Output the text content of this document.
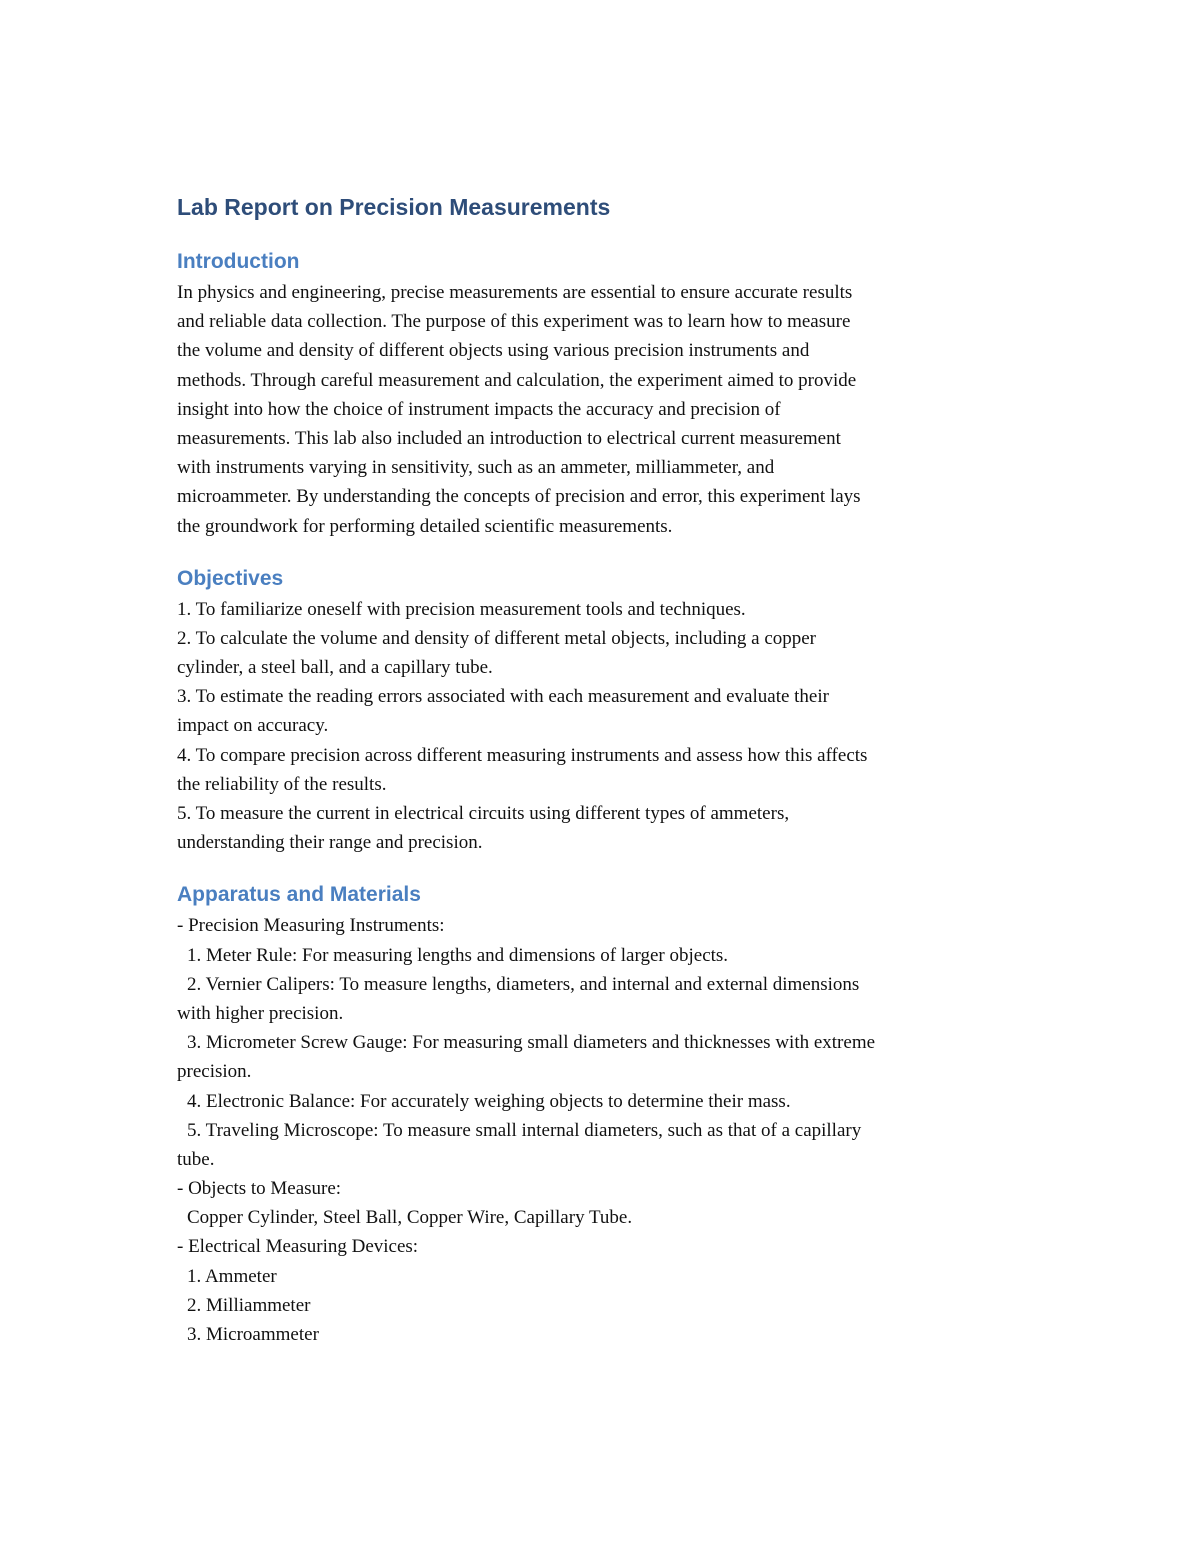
Lab Report on Precision Measurements
Introduction
In physics and engineering, precise measurements are essential to ensure accurate results
and reliable data collection. The purpose of this experiment was to learn how to measure
the volume and density of different objects using various precision instruments and
methods. Through careful measurement and calculation, the experiment aimed to provide
insight into how the choice of instrument impacts the accuracy and precision of
measurements. This lab also included an introduction to electrical current measurement
with instruments varying in sensitivity, such as an ammeter, milliammeter, and
microammeter. By understanding the concepts of precision and error, this experiment lays
the groundwork for performing detailed scientific measurements.
Objectives
1. To familiarize oneself with precision measurement tools and techniques.
2. To calculate the volume and density of different metal objects, including a copper
cylinder, a steel ball, and a capillary tube.
3. To estimate the reading errors associated with each measurement and evaluate their
impact on accuracy.
4. To compare precision across different measuring instruments and assess how this affects
the reliability of the results.
5. To measure the current in electrical circuits using different types of ammeters,
understanding their range and precision.
Apparatus and Materials
- Precision Measuring Instruments:
1. Meter Rule: For measuring lengths and dimensions of larger objects.
2. Vernier Calipers: To measure lengths, diameters, and internal and external dimensions
with higher precision.
3. Micrometer Screw Gauge: For measuring small diameters and thicknesses with extreme
precision.
4. Electronic Balance: For accurately weighing objects to determine their mass.
5. Traveling Microscope: To measure small internal diameters, such as that of a capillary
tube.
- Objects to Measure:
Copper Cylinder, Steel Ball, Copper Wire, Capillary Tube.
- Electrical Measuring Devices:
1. Ammeter
2. Milliammeter
3. Microammeter
